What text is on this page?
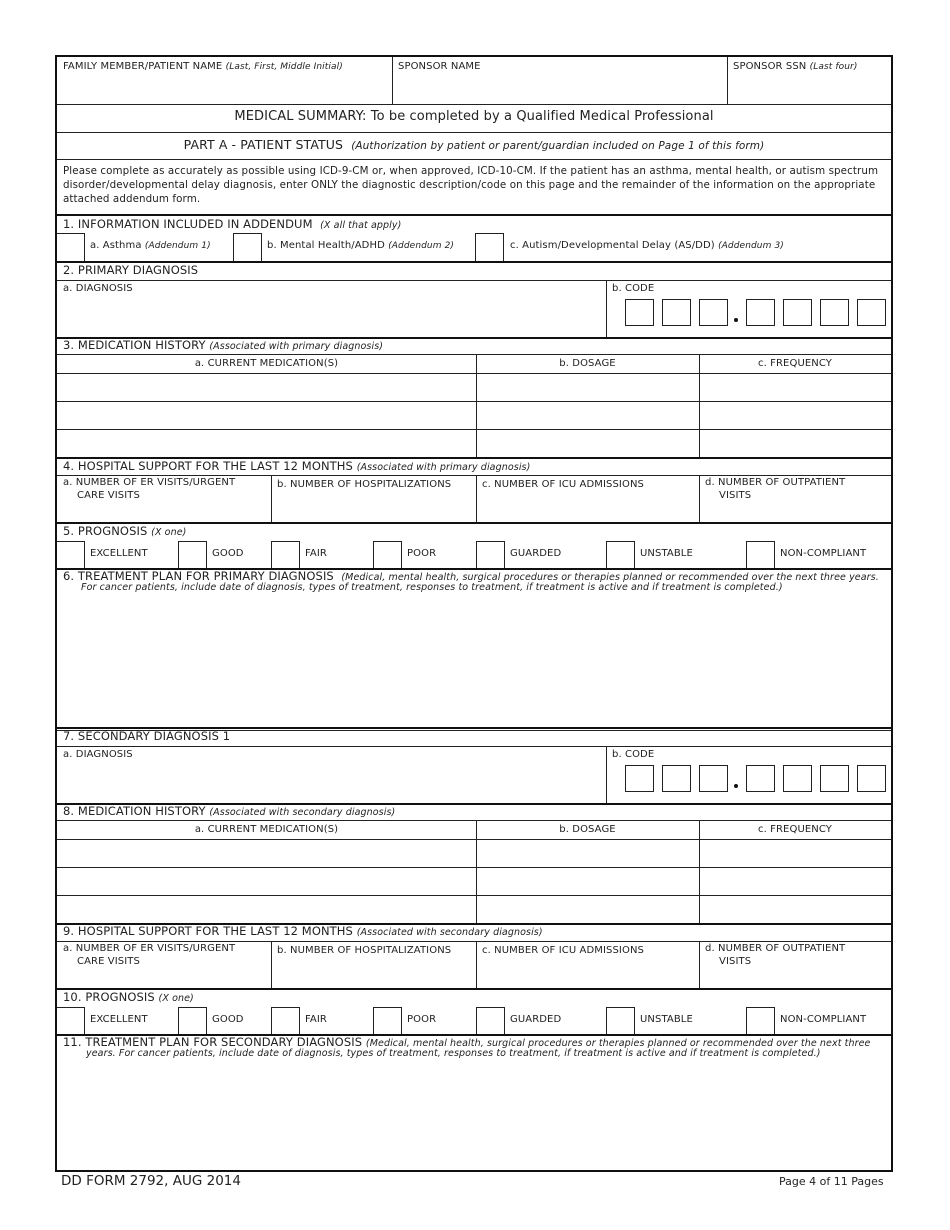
FAMILY MEMBER/PATIENT NAME (Last, First, Middle Initial)	SPONSOR NAME	SPONSOR SSN (Last four)
MEDICAL SUMMARY: To be completed by a Qualified Medical Professional
PART A - PATIENT STATUS (Authorization by patient or parent/guardian included on Page 1 of this form)
Please complete as accurately as possible using ICD-9-CM or, when approved, ICD-10-CM. If the patient has an asthma, mental health, or autism spectrum disorder/developmental delay diagnosis, enter ONLY the diagnostic description/code on this page and the remainder of the information on the appropriate attached addendum form.
1. INFORMATION INCLUDED IN ADDENDUM (X all that apply)
a. Asthma (Addendum 1)	b. Mental Health/ADHD (Addendum 2)	c. Autism/Developmental Delay (AS/DD) (Addendum 3)
2. PRIMARY DIAGNOSIS
a. DIAGNOSIS	b. CODE
3. MEDICATION HISTORY (Associated with primary diagnosis)
a. CURRENT MEDICATION(S)	b. DOSAGE	c. FREQUENCY
4. HOSPITAL SUPPORT FOR THE LAST 12 MONTHS (Associated with primary diagnosis)
a. NUMBER OF ER VISITS/URGENT
CARE VISITS
b. NUMBER OF HOSPITALIZATIONS	c. NUMBER OF ICU ADMISSIONS	d. NUMBER OF OUTPATIENT
VISITS
5. PROGNOSIS (X one)
EXCELLENT	GOOD	FAIR	POOR	GUARDED	UNSTABLE	NON-COMPLIANT
6. TREATMENT PLAN FOR PRIMARY DIAGNOSIS (Medical, mental health, surgical procedures or therapies planned or recommended over the next three years.
For cancer patients, include date of diagnosis, types of treatment, responses to treatment, if treatment is active and if treatment is completed.)
7. SECONDARY DIAGNOSIS 1
a. DIAGNOSIS	b. CODE
8. MEDICATION HISTORY (Associated with secondary diagnosis)
a. CURRENT MEDICATION(S)	b. DOSAGE	c. FREQUENCY
9. HOSPITAL SUPPORT FOR THE LAST 12 MONTHS (Associated with secondary diagnosis)
a. NUMBER OF ER VISITS/URGENT
CARE VISITS
b. NUMBER OF HOSPITALIZATIONS	c. NUMBER OF ICU ADMISSIONS	d. NUMBER OF OUTPATIENT
VISITS
10. PROGNOSIS (X one)
EXCELLENT	GOOD	FAIR	POOR	GUARDED	UNSTABLE	NON-COMPLIANT
11. TREATMENT PLAN FOR SECONDARY DIAGNOSIS (Medical, mental health, surgical procedures or therapies planned or recommended over the next three
years. For cancer patients, include date of diagnosis, types of treatment, responses to treatment, if treatment is active and if treatment is completed.)
DD FORM 2792, AUG 2014	Page 4 of 11 Pages
